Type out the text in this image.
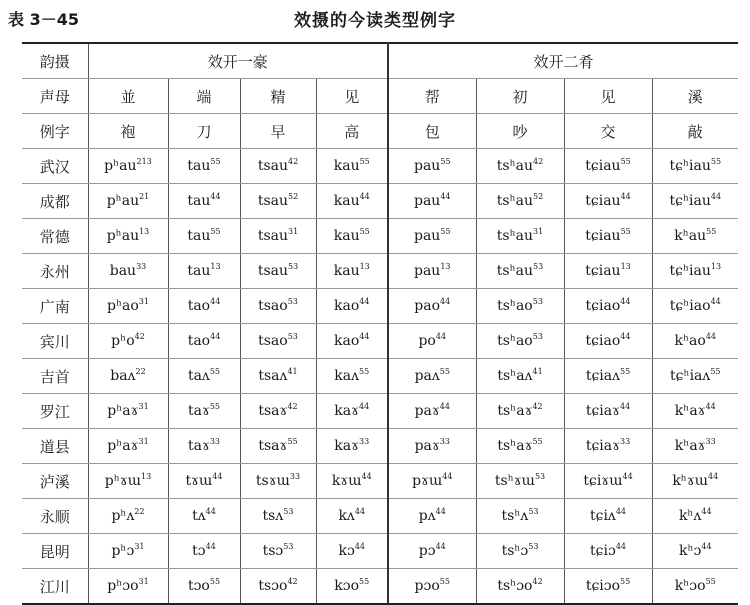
表 3－45	效摄的今读类型例字
韵摄	效开一豪				效开二肴			
声母	並	端	精	见	帮	初	见	溪
例字	袍	刀	早	高	包	吵	交	敲
武汉	pʰau$^{213}$	tau$^{55}$	tsau$^{42}$	kau$^{55}$	pau$^{55}$	tsʰau$^{42}$	tɕiau$^{55}$	tɕʰiau$^{55}$
成都	pʰau$^{21}$	tau$^{44}$	tsau$^{52}$	kau$^{44}$	pau$^{44}$	tsʰau$^{52}$	tɕiau$^{44}$	tɕʰiau$^{44}$
常德	pʰau$^{13}$	tau$^{55}$	tsau$^{31}$	kau$^{55}$	pau$^{55}$	tsʰau$^{31}$	tɕiau$^{55}$	kʰau$^{55}$
永州	bau$^{33}$	tau$^{13}$	tsau$^{53}$	kau$^{13}$	pau$^{13}$	tsʰau$^{53}$	tɕiau$^{13}$	tɕʰiau$^{13}$
广南	pʰao$^{31}$	tao$^{44}$	tsao$^{53}$	kao$^{44}$	pao$^{44}$	tsʰao$^{53}$	tɕiao$^{44}$	tɕʰiao$^{44}$
宾川	pʰo$^{42}$	tao$^{44}$	tsao$^{53}$	kao$^{44}$	$po^{44}$	tsʰao$^{53}$	tɕiao$^{44}$	kʰao$^{44}$
吉首	baʌ$^{22}$	taʌ$^{55}$	tsaʌ$^{41}$	kaʌ$^{55}$	paʌ$^{55}$	tsʰaʌ$^{41}$	tɕiaʌ$^{55}$	tɕʰiaʌ$^{55}$
罗江	pʰaɤ$^{31}$	taɤ$^{55}$	tsaɤ$^{42}$	kaɤ$^{44}$	paɤ$^{44}$	tsʰaɤ$^{42}$	tɕiaɤ$^{44}$	kʰaɤ$^{44}$
道县	pʰaɤ$^{31}$	taɤ$^{33}$	tsaɤ$^{55}$	kaɤ$^{33}$	paɤ$^{33}$	tsʰaɤ$^{55}$	tɕiaɤ$^{33}$	kʰaɤ$^{33}$
泸溪	pʰɤɯ$^{13}$	tɤɯ$^{44}$	tsɤɯ$^{33}$	kɤɯ$^{44}$	pɤɯ$^{44}$	tsʰɤɯ$^{53}$	tɕiɤɯ$^{44}$	kʰɤɯ$^{44}$
永顺	pʰʌ$^{22}$	tʌ$^{44}$	tsʌ$^{53}$	kʌ$^{44}$	pʌ$^{44}$	tsʰʌ$^{53}$	tɕiʌ$^{44}$	kʰʌ$^{44}$
昆明	pʰɔ$^{31}$	tɔ$^{44}$	tsɔ$^{53}$	kɔ$^{44}$	pɔ$^{44}$	tsʰɔ$^{53}$	tɕiɔ$^{44}$	kʰɔ$^{44}$
江川	pʰɔo$^{31}$	tɔo$^{55}$	tsɔo$^{42}$	kɔo$^{55}$	pɔo$^{55}$	tsʰɔo$^{42}$	tɕiɔo$^{55}$	kʰɔo$^{55}$
